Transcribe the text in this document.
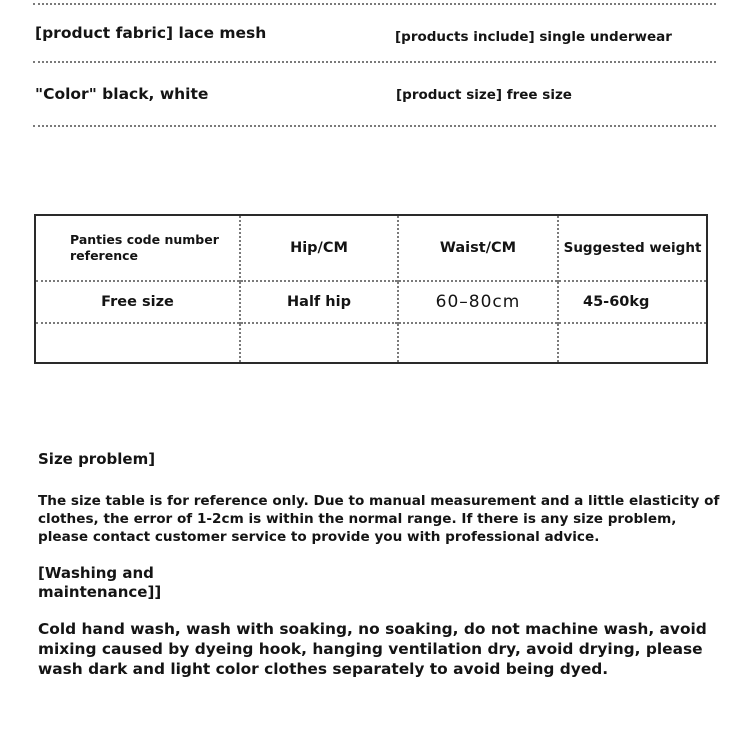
[product fabric] lace mesh	[products include] single underwear
"Color" black, white	[product size] free size
Panties code number reference	Hip/CM	Waist/CM	Suggested weight
Free size	Half hip	60–80cm	45-60kg

Size problem]
The size table is for reference only. Due to manual measurement and a little elasticity of clothes, the error of 1-2cm is within the normal range. If there is any size problem, please contact customer service to provide you with professional advice.
[Washing and maintenance]]
Cold hand wash, wash with soaking, no soaking, do not machine wash, avoid mixing caused by dyeing hook, hanging ventilation dry, avoid drying, please wash dark and light color clothes separately to avoid being dyed.
